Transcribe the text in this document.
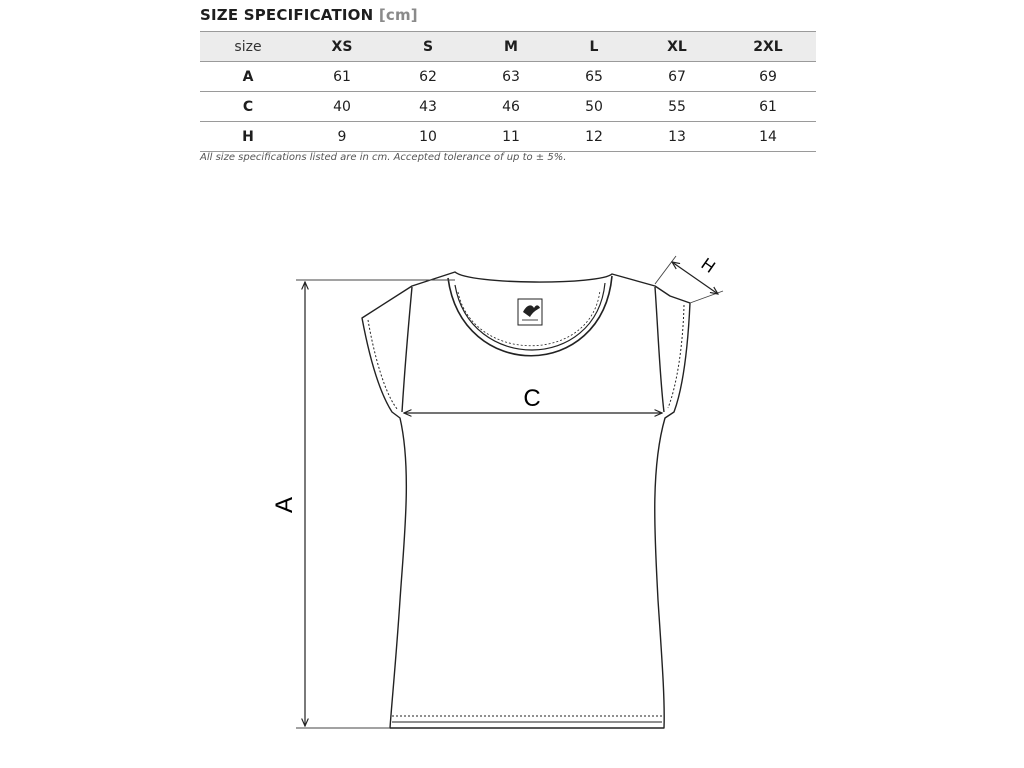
SIZE SPECIFICATION [cm]
size	XS	S	M	L	XL	2XL
A	61	62	63	65	67	69
C	40	43	46	50	55	61
H	9	10	11	12	13	14
All size specifications listed are in cm. Accepted tolerance of up to ± 5%.
A
C
H
